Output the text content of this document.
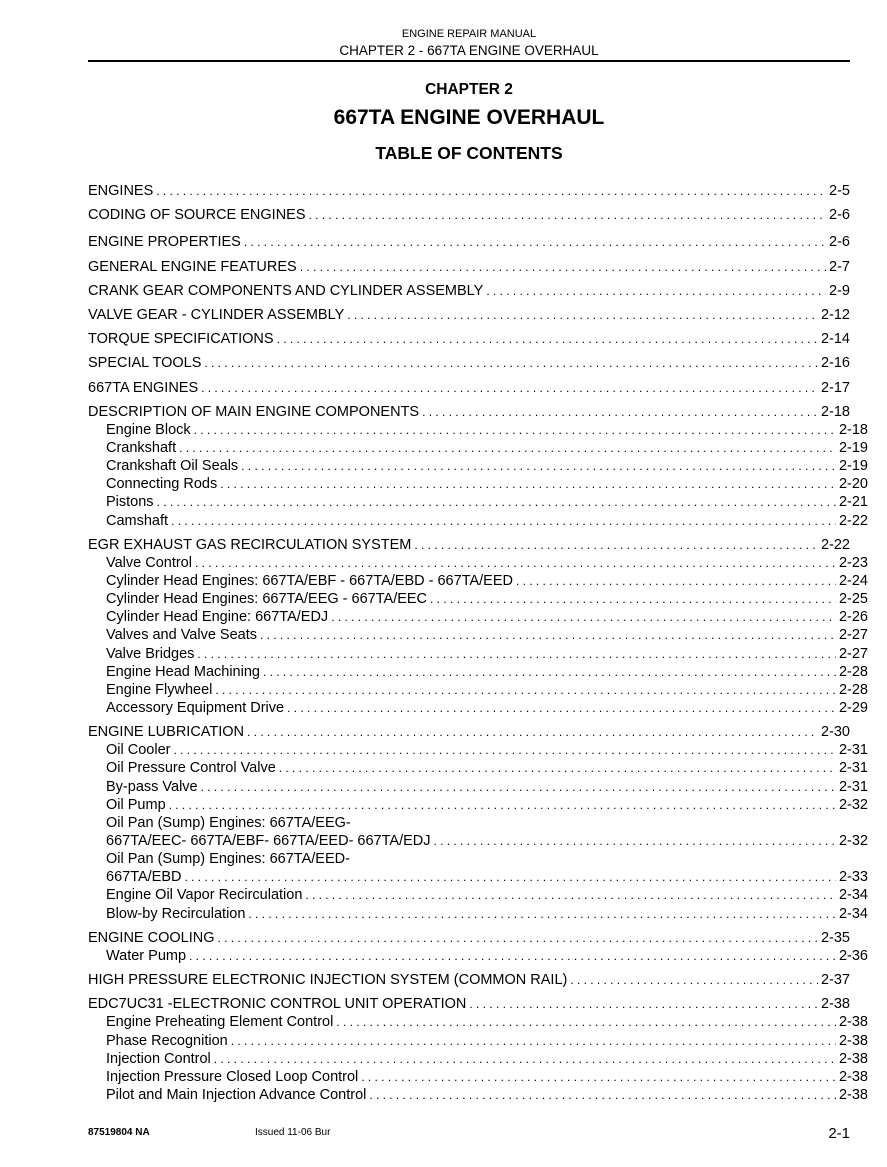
ENGINE REPAIR MANUAL
CHAPTER 2 - 667TA ENGINE OVERHAUL
CHAPTER 2
667TA ENGINE OVERHAUL
TABLE OF CONTENTS
ENGINES .....	2-5
CODING OF SOURCE ENGINES .....	2-6
ENGINE PROPERTIES .....	2-6
GENERAL ENGINE FEATURES .....	2-7
CRANK GEAR COMPONENTS AND CYLINDER ASSEMBLY .....	2-9
VALVE GEAR - CYLINDER ASSEMBLY .....	2-12
TORQUE SPECIFICATIONS .....	2-14
SPECIAL TOOLS .....	2-16
667TA ENGINES .....	2-17
DESCRIPTION OF MAIN ENGINE COMPONENTS .....	2-18
Engine Block .....	2-18
Crankshaft .....	2-19
Crankshaft Oil Seals .....	2-19
Connecting Rods .....	2-20
Pistons .....	2-21
Camshaft .....	2-22
EGR EXHAUST GAS RECIRCULATION SYSTEM .....	2-22
Valve Control .....	2-23
Cylinder Head Engines: 667TA/EBF - 667TA/EBD - 667TA/EED .....	2-24
Cylinder Head Engines: 667TA/EEG - 667TA/EEC .....	2-25
Cylinder Head Engine: 667TA/EDJ .....	2-26
Valves and Valve Seats .....	2-27
Valve Bridges .....	2-27
Engine Head Machining .....	2-28
Engine Flywheel .....	2-28
Accessory Equipment Drive .....	2-29
ENGINE LUBRICATION .....	2-30
Oil Cooler .....	2-31
Oil Pressure Control Valve .....	2-31
By-pass Valve .....	2-31
Oil Pump .....	2-32
Oil Pan (Sump) Engines: 667TA/EEG-
667TA/EEC- 667TA/EBF- 667TA/EED- 667TA/EDJ .....	2-32
Oil Pan (Sump) Engines: 667TA/EED-
667TA/EBD .....	2-33
Engine Oil Vapor Recirculation .....	2-34
Blow-by Recirculation .....	2-34
ENGINE COOLING .....	2-35
Water Pump .....	2-36
HIGH PRESSURE ELECTRONIC INJECTION SYSTEM (COMMON RAIL) .....	2-37
EDC7UC31 -ELECTRONIC CONTROL UNIT OPERATION .....	2-38
Engine Preheating Element Control .....	2-38
Phase Recognition .....	2-38
Injection Control .....	2-38
Injection Pressure Closed Loop Control .....	2-38
Pilot and Main Injection Advance Control .....	2-38
87519804 NA	Issued 11-06 Bur	2-1
